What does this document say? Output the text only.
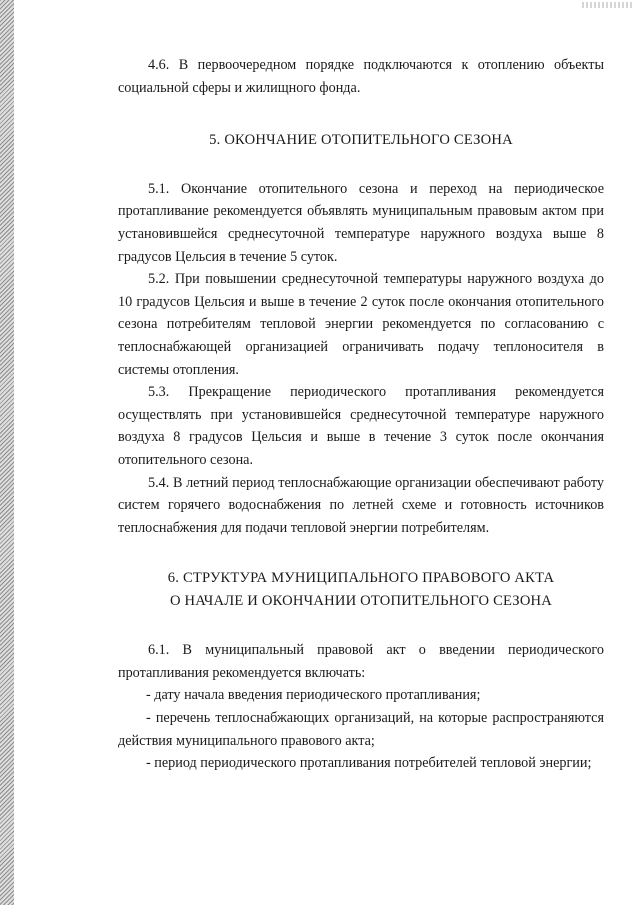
4.6. В первоочередном порядке подключаются к отоплению объекты социальной сферы и жилищного фонда.

5. ОКОНЧАНИЕ ОТОПИТЕЛЬНОГО СЕЗОНА

5.1. Окончание отопительного сезона и переход на периодическое протапливание рекомендуется объявлять муниципальным правовым актом при установившейся среднесуточной температуре наружного воздуха выше 8 градусов Цельсия в течение 5 суток.

5.2. При повышении среднесуточной температуры наружного воздуха до 10 градусов Цельсия и выше в течение 2 суток после окончания отопительного сезона потребителям тепловой энергии рекомендуется по согласованию с теплоснабжающей организацией ограничивать подачу теплоносителя в системы отопления.

5.3. Прекращение периодического протапливания рекомендуется осуществлять при установившейся среднесуточной температуре наружного воздуха 8 градусов Цельсия и выше в течение 3 суток после окончания отопительного сезона.

5.4. В летний период теплоснабжающие организации обеспечивают работу систем горячего водоснабжения по летней схеме и готовность источников теплоснабжения для подачи тепловой энергии потребителям.

6. СТРУКТУРА МУНИЦИПАЛЬНОГО ПРАВОВОГО АКТА
О НАЧАЛЕ И ОКОНЧАНИИ ОТОПИТЕЛЬНОГО СЕЗОНА

6.1. В муниципальный правовой акт о введении периодического протапливания рекомендуется включать:

- дату начала введения периодического протапливания;

- перечень теплоснабжающих организаций, на которые распространяются действия муниципального правового акта;

- период периодического протапливания потребителей тепловой энергии;
